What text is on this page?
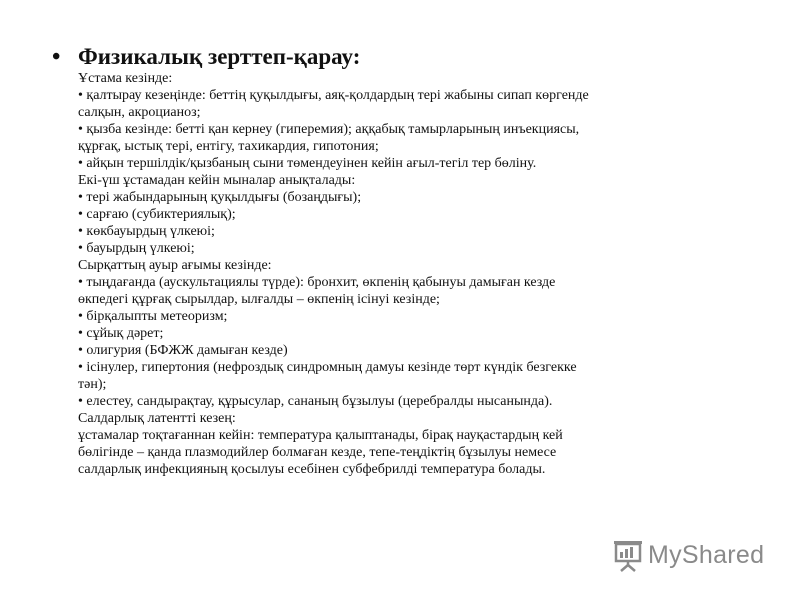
• Физикалық зерттеп-қарау:
Ұстама кезінде:
• қалтырау кезеңінде: беттің қуқылдығы, аяқ-қолдардың тері жабыны сипап көргенде
салқын, акроцианоз;
• қызба кезінде: бетті қан кернеу (гиперемия); аққабық тамырларының инъекциясы,
құрғақ, ыстық тері, ентігу, тахикардия, гипотония;
• айқын тершілдік/қызбаның сыни төмендеуінен кейін ағыл-тегіл тер бөліну.
Екі-үш ұстамадан кейін мыналар анықталады:
• тері жабындарының қуқылдығы (бозаңдығы);
• сарғаю (субиктериялық);
• көкбауырдың үлкеюі;
• бауырдың үлкеюі;
Сырқаттың ауыр ағымы кезінде:
• тыңдағанда (аускультациялы түрде): бронхит, өкпенің қабынуы дамыған кезде
өкпедегі құрғақ сырылдар, ылғалды – өкпенің ісінуі кезінде;
• бірқалыпты метеоризм;
• сұйық дәрет;
• олигурия (БФЖЖ дамыған кезде)
• ісінулер, гипертония (нефроздық синдромның дамуы кезінде төрт күндік безгекке
тән);
• елестеу, сандырақтау, құрысулар, сананың бұзылуы (церебралды нысанында).
Салдарлық латентті кезең:
ұстамалар тоқтағаннан кейін: температура қалыптанады, бірақ науқастардың кей
бөлігінде – қанда плазмодийлер болмаған кезде, тепе-теңдіктің бұзылуы немесе
салдарлық инфекцияның қосылуы есебінен субфебрилді температура болады.
MyShared
